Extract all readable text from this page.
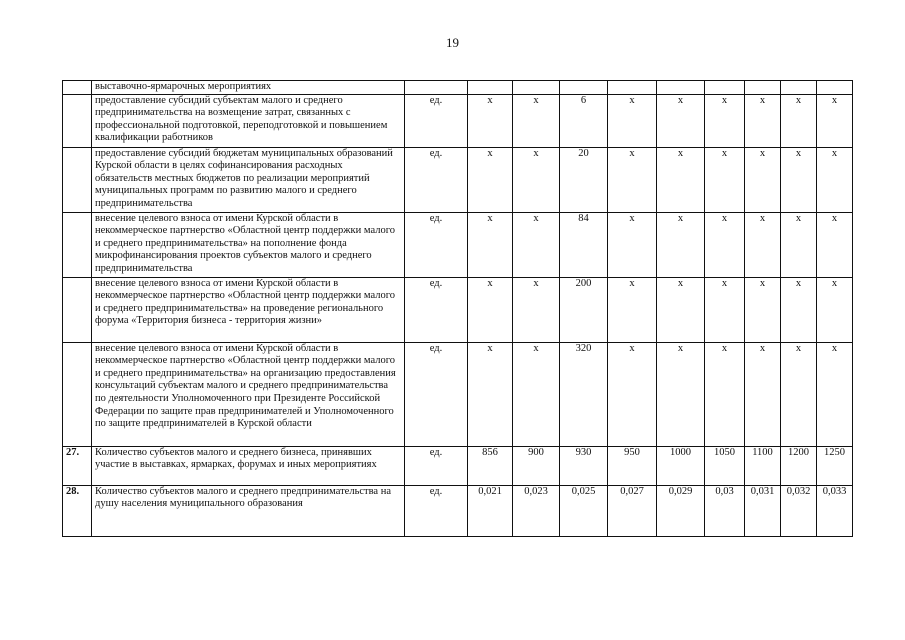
19
	выставочно-ярмарочных мероприятиях										
	предоставление субсидий субъектам малого и среднего предпринимательства на возмещение затрат, связанных с профессиональной подготовкой, переподготовкой и повышением квалификации работников	ед.	х	х	6	х	х	х	х	х	х
	предоставление субсидий бюджетам муниципальных образований Курской области в целях софинансирования расходных обязательств местных бюджетов по реализации мероприятий муниципальных программ по развитию малого и среднего предпринимательства	ед.	х	х	20	х	х	х	х	х	х
	внесение целевого взноса от имени Курской области в некоммерческое партнерство «Областной центр поддержки малого и среднего предпринимательства» на пополнение фонда микрофинансирования проектов субъектов малого и среднего предпринимательства	ед.	х	х	84	х	х	х	х	х	х
	внесение целевого взноса от имени Курской области в некоммерческое партнерство «Областной центр поддержки малого и среднего предпринимательства» на проведение регионального форума «Территория бизнеса - территория жизни»	ед.	х	х	200	х	х	х	х	х	х
	внесение целевого взноса от имени Курской области в некоммерческое партнерство «Областной центр поддержки малого и среднего предпринимательства» на организацию предоставления консультаций субъектам малого и среднего предпринимательства по деятельности Уполномоченного при Президенте Российской Федерации по защите прав предпринимателей и Уполномоченного по защите предпринимателей в Курской области	ед.	х	х	320	х	х	х	х	х	х
27.	Количество субъектов малого и среднего бизнеса, принявших участие в выставках, ярмарках, форумах и иных мероприятиях	ед.	856	900	930	950	1000	1050	1100	1200	1250
28.	Количество субъектов малого и среднего предпринимательства на душу населения муниципального образования	ед.	0,021	0,023	0,025	0,027	0,029	0,03	0,031	0,032	0,033
